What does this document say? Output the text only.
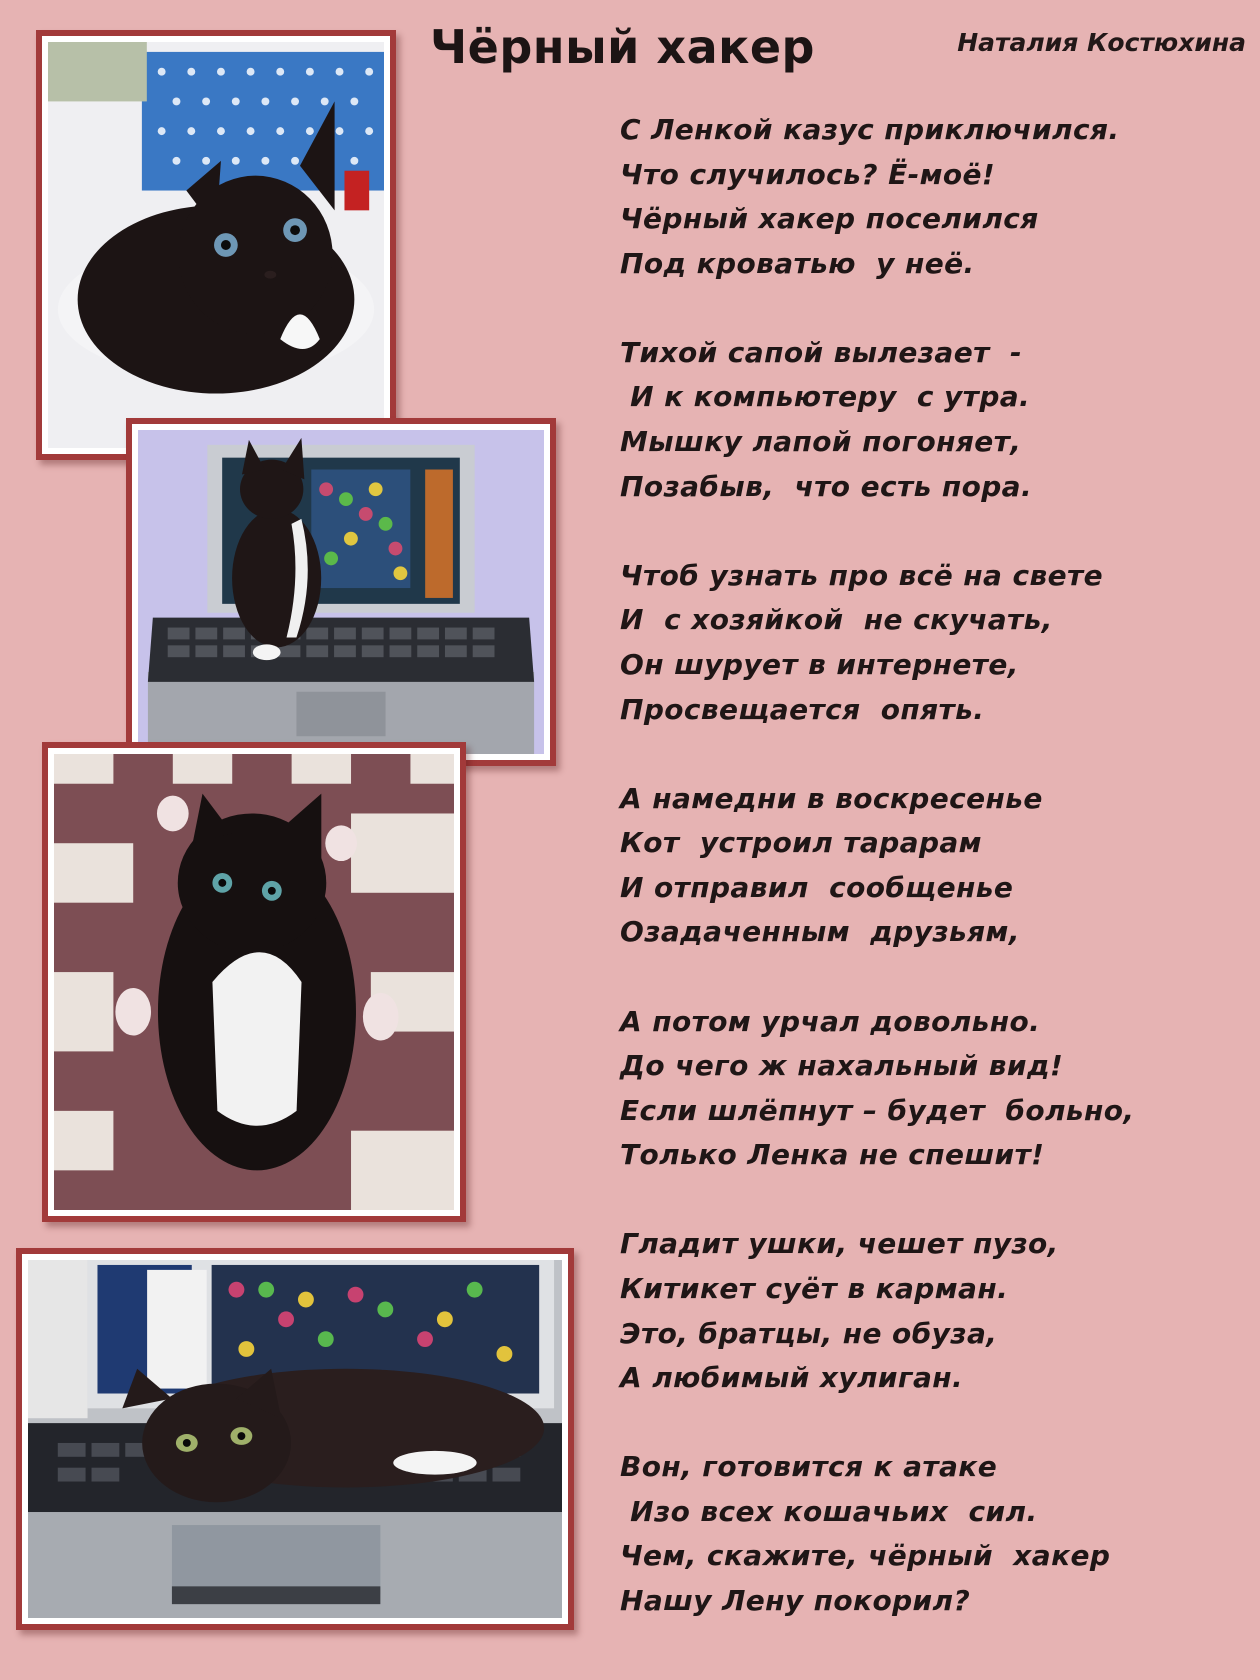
Чёрный хакер	Наталия Костюхина
С Ленкой казус приключился.
Что случилось? Ё-моё!
Чёрный хакер поселился
Под кроватью  у неё.
Тихой сапой вылезает  -
И к компьютеру  с утра.
Мышку лапой погоняет,
Позабыв,  что есть пора.
Чтоб узнать про всё на свете
И  с хозяйкой  не скучать,
Он шурует в интернете,
Просвещается  опять.
А намедни в воскресенье
Кот  устроил тарарам
И отправил  сообщенье
Озадаченным  друзьям,
А потом урчал довольно.
До чего ж нахальный вид!
Если шлёпнут – будет  больно,
Только Ленка не спешит!
Гладит ушки, чешет пузо,
Китикет суёт в карман.
Это, братцы, не обуза,
А любимый хулиган.
Вон, готовится к атаке
Изо всех кошачьих  сил.
Чем, скажите, чёрный  хакер
Нашу Лену покорил?
